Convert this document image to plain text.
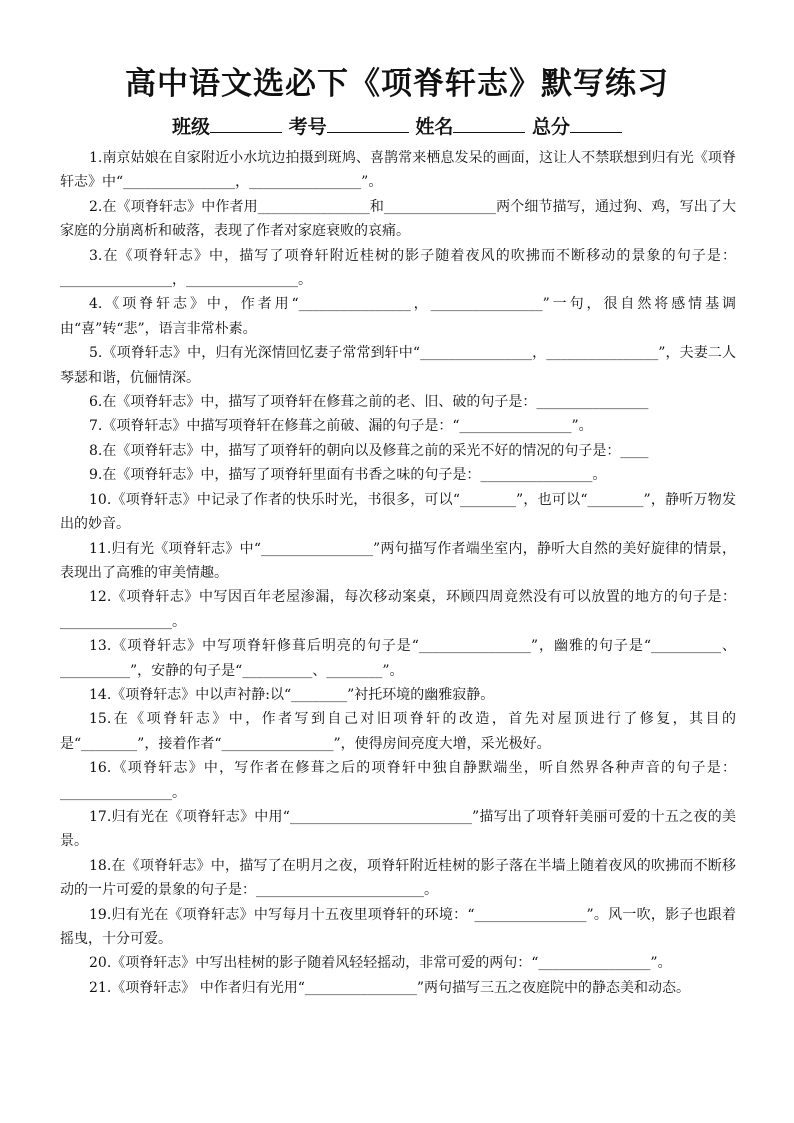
高中语文选必下《项脊轩志》默写练习
班级	考号	姓名	总分

1.南京姑娘在自家附近小水坑边拍摄到斑鸠、喜鹊常来栖息发呆的画面，这让人不禁联想到归有光《项脊轩志》中“________________，________________”。

2.在《项脊轩志》中作者用________________和________________两个细节描写，通过狗、鸡，写出了大家庭的分崩离析和破落，表现了作者对家庭衰败的哀痛。

3.在《项脊轩志》中，描写了项脊轩附近桂树的影子随着夜风的吹拂而不断移动的景象的句子是：________________，________________。

4.《项脊轩志》中，作者用“________________，________________”一句，很自然将感情基调由“喜”转“悲”，语言非常朴素。

5.《项脊轩志》中，归有光深情回忆妻子常常到轩中“________________，________________”，夫妻二人琴瑟和谐，伉俪情深。

6.在《项脊轩志》中，描写了项脊轩在修葺之前的老、旧、破的句子是：________________

7.《项脊轩志》中描写项脊轩在修葺之前破、漏的句子是：“________________”。

8.在《项脊轩志》中，描写了项脊轩的朝向以及修葺之前的采光不好的情况的句子是：____

9.在《项脊轩志》中，描写了项脊轩里面有书香之味的句子是：________________。

10.《项脊轩志》中记录了作者的快乐时光，书很多，可以“________”，也可以“________”，静听万物发出的妙音。

11.归有光《项脊轩志》中“________________”两句描写作者端坐室内，静听大自然的美好旋律的情景，表现出了高雅的审美情趣。

12.《项脊轩志》中写因百年老屋渗漏，每次移动案桌，环顾四周竟然没有可以放置的地方的句子是：________________。

13.《项脊轩志》中写项脊轩修葺后明亮的句子是“________________”，幽雅的句子是“__________、__________”，安静的句子是“__________、________”。

14.《项脊轩志》中以声衬静:以“________”衬托环境的幽雅寂静。

15.在《项脊轩志》中，作者写到自己对旧项脊轩的改造，首先对屋顶进行了修复，其目的是“________”，接着作者“________________”，使得房间亮度大增，采光极好。

16.《项脊轩志》中，写作者在修葺之后的项脊轩中独自静默端坐，听自然界各种声音的句子是：________________。

17.归有光在《项脊轩志》中用“__________________________”描写出了项脊轩美丽可爱的十五之夜的美景。

18.在《项脊轩志》中，描写了在明月之夜，项脊轩附近桂树的影子落在半墙上随着夜风的吹拂而不断移动的一片可爱的景象的句子是：________________________。

19.归有光在《项脊轩志》中写每月十五夜里项脊轩的环境：“________________”。风一吹，影子也跟着摇曳，十分可爱。

20.《项脊轩志》中写出桂树的影子随着风轻轻摇动，非常可爱的两句：“________________”。

21.《项脊轩志》 中作者归有光用“________________”两句描写三五之夜庭院中的静态美和动态。
